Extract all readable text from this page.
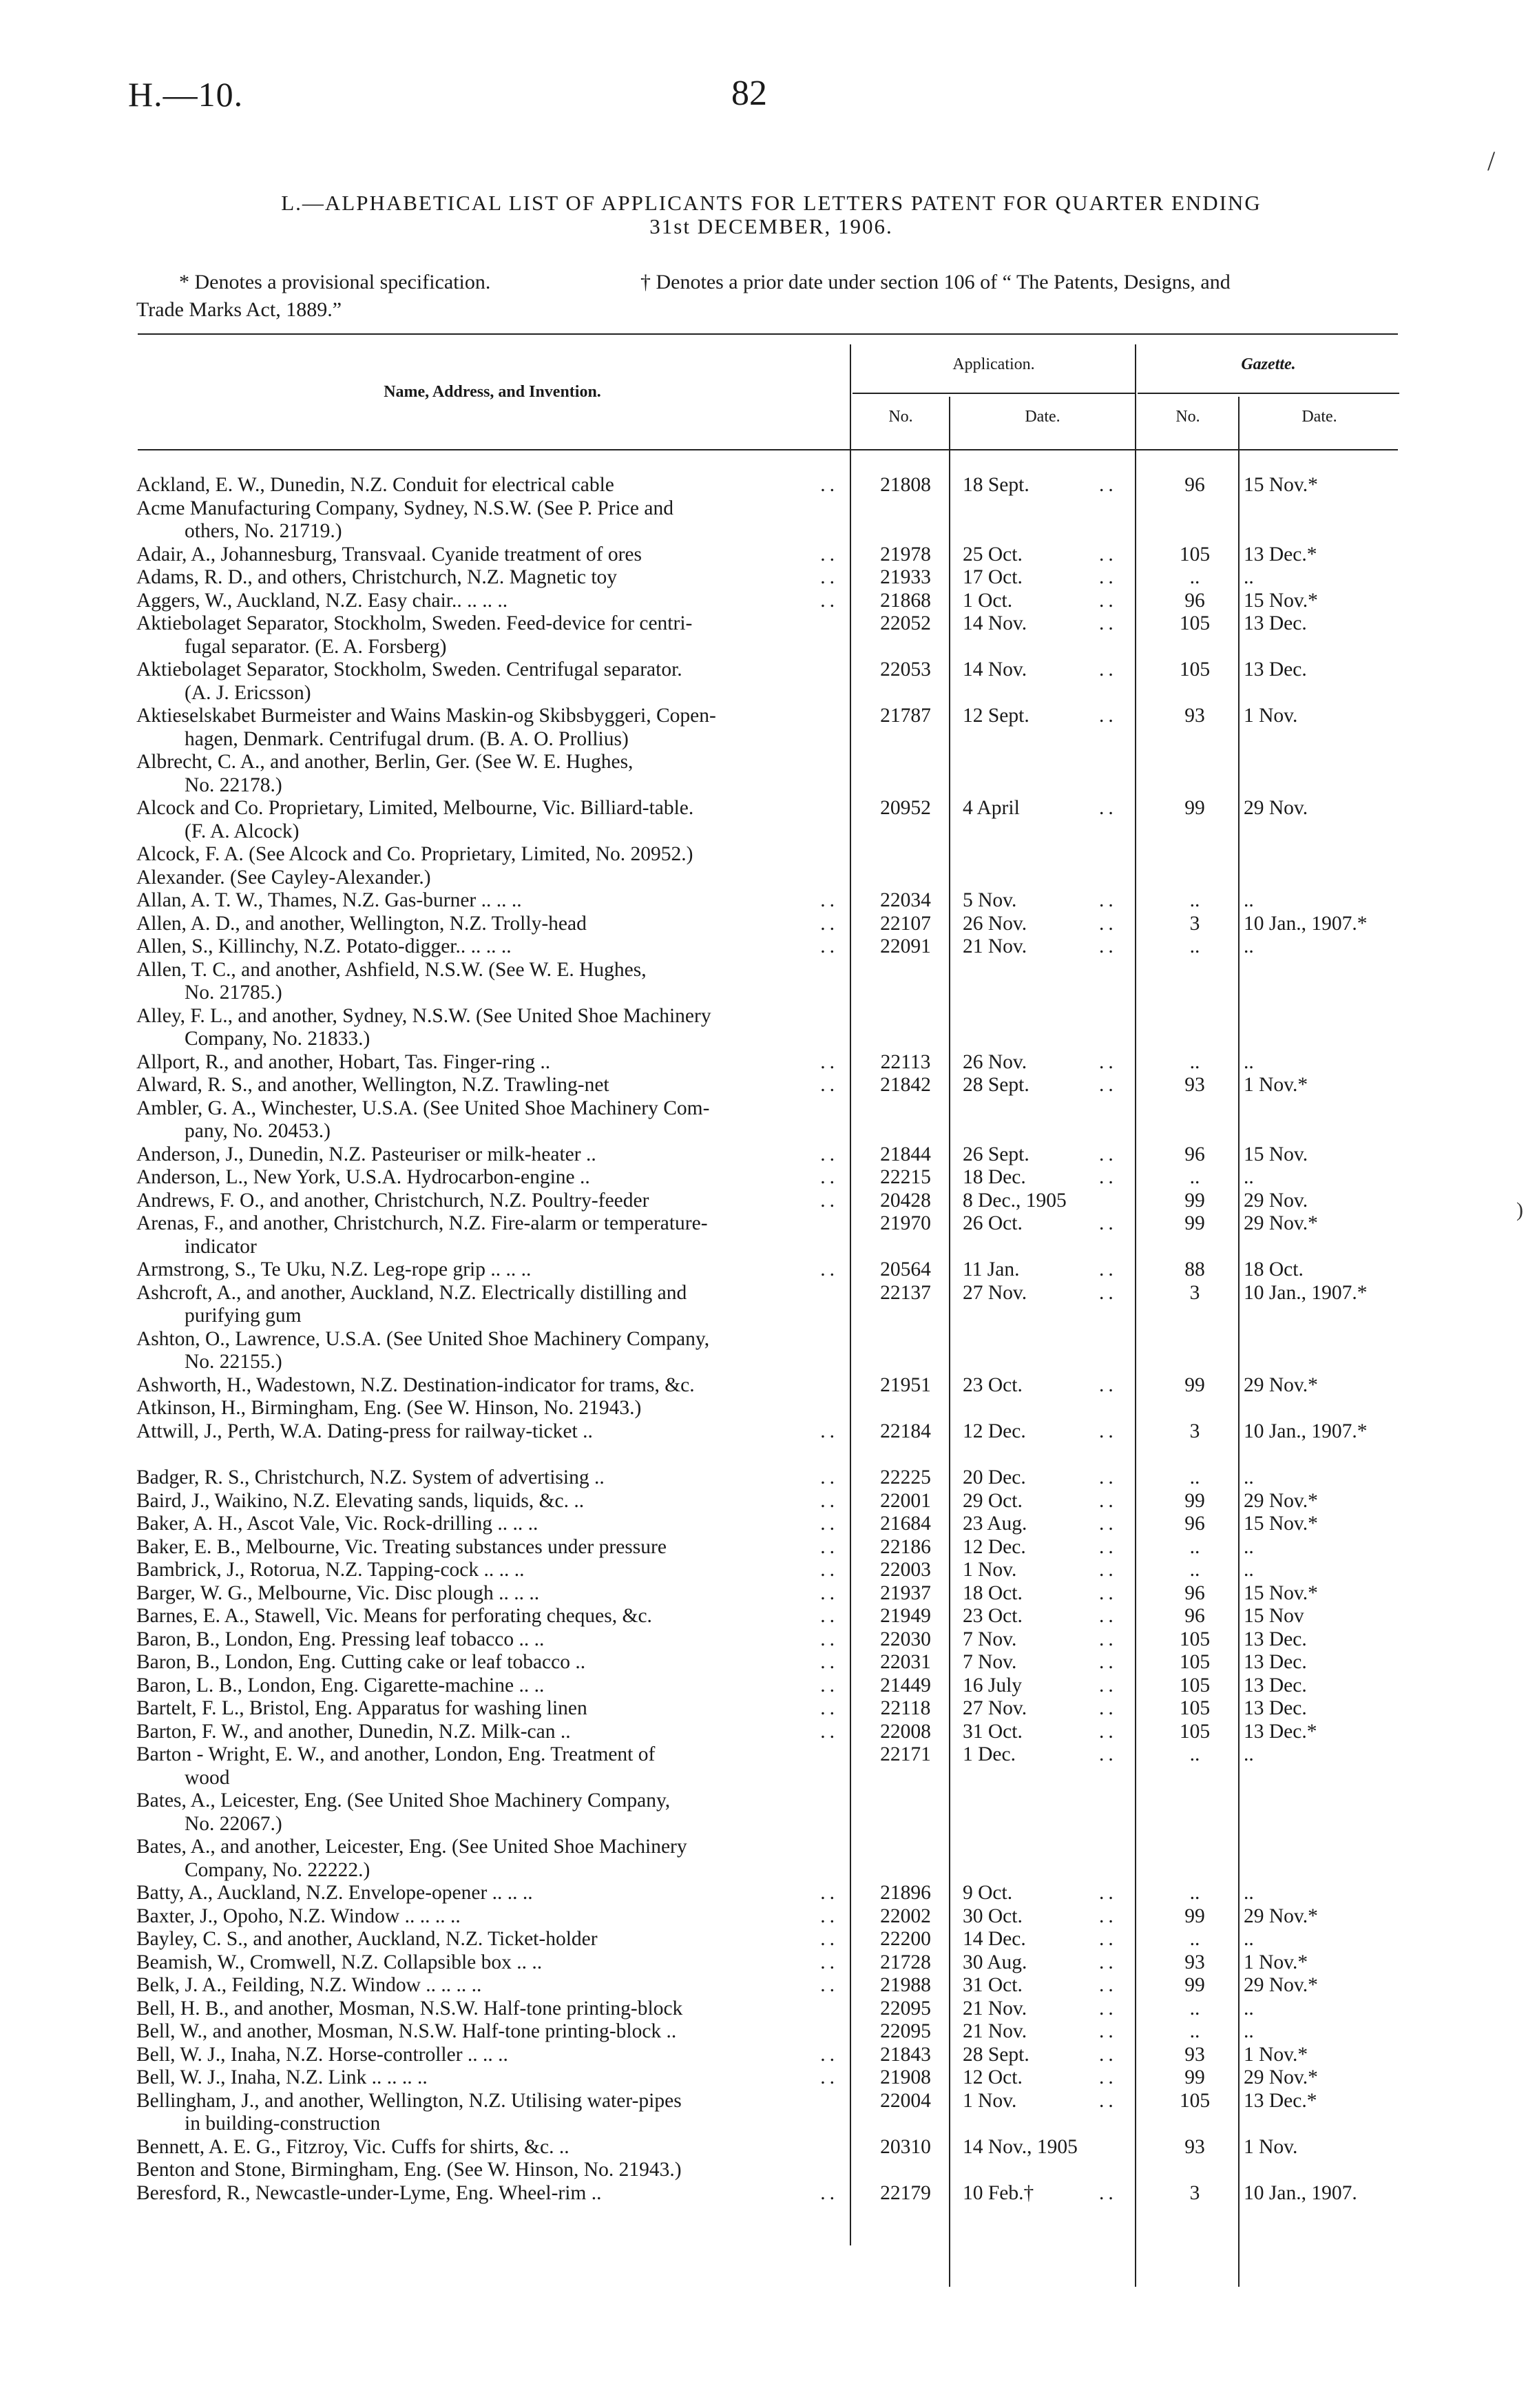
H.—10.	82
L.—ALPHABETICAL LIST OF APPLICANTS FOR LETTERS PATENT FOR QUARTER ENDING
31st DECEMBER, 1906.
* Denotes a provisional specification.	† Denotes a prior date under section 106 of “ The Patents, Designs, and
Trade Marks Act, 1889.”
Name, Address, and Invention.
Application.	Gazette.
No.	Date.	No.	Date.
..
Ackland, E. W., Dunedin, N.Z. Conduit for electrical cable	21808	18 Sept.	..	96	15 Nov.*
Acme Manufacturing Company, Sydney, N.S.W. (See P. Price and
others, No. 21719.)
..
Adair, A., Johannesburg, Transvaal. Cyanide treatment of ores	21978	25 Oct.	..	105	13 Dec.*
..
Adams, R. D., and others, Christchurch, N.Z. Magnetic toy	21933	17 Oct.	..	..	..
..
Aggers, W., Auckland, N.Z. Easy chair.. .. .. ..	21868	1 Oct.	..	96	15 Nov.*
Aktiebolaget Separator, Stockholm, Sweden. Feed-device for centri-
fugal separator. (E. A. Forsberg)
22052	14 Nov.	..	105	13 Dec.
Aktiebolaget Separator, Stockholm, Sweden. Centrifugal separator.
(A. J. Ericsson)
22053	14 Nov.	..	105	13 Dec.
Aktieselskabet Burmeister and Wains Maskin-og Skibsbyggeri, Copen-
hagen, Denmark. Centrifugal drum. (B. A. O. Prollius)
21787	12 Sept.	..	93	1 Nov.
Albrecht, C. A., and another, Berlin, Ger. (See W. E. Hughes,
No. 22178.)
Alcock and Co. Proprietary, Limited, Melbourne, Vic. Billiard-table.
(F. A. Alcock)
20952	4 April	..	99	29 Nov.
Alcock, F. A. (See Alcock and Co. Proprietary, Limited, No. 20952.)
Alexander. (See Cayley-Alexander.)
..
Allan, A. T. W., Thames, N.Z. Gas-burner .. .. ..	22034	5 Nov.	..	..	..
..
Allen, A. D., and another, Wellington, N.Z. Trolly-head	22107	26 Nov.	..	3	10 Jan., 1907.*
..
Allen, S., Killinchy, N.Z. Potato-digger.. .. .. ..	22091	21 Nov.	..	..	..
Allen, T. C., and another, Ashfield, N.S.W. (See W. E. Hughes,
No. 21785.)
Alley, F. L., and another, Sydney, N.S.W. (See United Shoe Machinery
Company, No. 21833.)
..
Allport, R., and another, Hobart, Tas. Finger-ring ..	22113	26 Nov.	..	..	..
..
Alward, R. S., and another, Wellington, N.Z. Trawling-net	21842	28 Sept.	..	93	1 Nov.*
Ambler, G. A., Winchester, U.S.A. (See United Shoe Machinery Com-
pany, No. 20453.)
..
Anderson, J., Dunedin, N.Z. Pasteuriser or milk-heater ..	21844	26 Sept.	..	96	15 Nov.
..
Anderson, L., New York, U.S.A. Hydrocarbon-engine ..	22215	18 Dec.	..	..	..
..
Andrews, F. O., and another, Christchurch, N.Z. Poultry-feeder	20428	8 Dec., 1905	99	29 Nov.
Arenas, F., and another, Christchurch, N.Z. Fire-alarm or temperature-
indicator
21970	26 Oct.	..	99	29 Nov.*
..
Armstrong, S., Te Uku, N.Z. Leg-rope grip .. .. ..	20564	11 Jan.	..	88	18 Oct.
Ashcroft, A., and another, Auckland, N.Z. Electrically distilling and
purifying gum
22137	27 Nov.	..	3	10 Jan., 1907.*
Ashton, O., Lawrence, U.S.A. (See United Shoe Machinery Company,
No. 22155.)
Ashworth, H., Wadestown, N.Z. Destination-indicator for trams, &c.	21951	23 Oct.	..	99	29 Nov.*
Atkinson, H., Birmingham, Eng. (See W. Hinson, No. 21943.)
..
Attwill, J., Perth, W.A. Dating-press for railway-ticket ..	22184	12 Dec.	..	3	10 Jan., 1907.*
..
Badger, R. S., Christchurch, N.Z. System of advertising ..	22225	20 Dec.	..	..	..
..
Baird, J., Waikino, N.Z. Elevating sands, liquids, &c. ..	22001	29 Oct.	..	99	29 Nov.*
..
Baker, A. H., Ascot Vale, Vic. Rock-drilling .. .. ..	21684	23 Aug.	..	96	15 Nov.*
..
Baker, E. B., Melbourne, Vic. Treating substances under pressure	22186	12 Dec.	..	..	..
..
Bambrick, J., Rotorua, N.Z. Tapping-cock .. .. ..	22003	1 Nov.	..	..	..
..
Barger, W. G., Melbourne, Vic. Disc plough .. .. ..	21937	18 Oct.	..	96	15 Nov.*
..
Barnes, E. A., Stawell, Vic. Means for perforating cheques, &c.	21949	23 Oct.	..	96	15 Nov
..
Baron, B., London, Eng. Pressing leaf tobacco .. ..	22030	7 Nov.	..	105	13 Dec.
..
Baron, B., London, Eng. Cutting cake or leaf tobacco ..	22031	7 Nov.	..	105	13 Dec.
..
Baron, L. B., London, Eng. Cigarette-machine .. ..	21449	16 July	..	105	13 Dec.
..
Bartelt, F. L., Bristol, Eng. Apparatus for washing linen	22118	27 Nov.	..	105	13 Dec.
..
Barton, F. W., and another, Dunedin, N.Z. Milk-can ..	22008	31 Oct.	..	105	13 Dec.*
Barton - Wright, E. W., and another, London, Eng. Treatment of
wood
22171	1 Dec.	..	..	..
Bates, A., Leicester, Eng. (See United Shoe Machinery Company,
No. 22067.)
Bates, A., and another, Leicester, Eng. (See United Shoe Machinery
Company, No. 22222.)
..
Batty, A., Auckland, N.Z. Envelope-opener .. .. ..	21896	9 Oct.	..	..	..
..
Baxter, J., Opoho, N.Z. Window .. .. .. ..	22002	30 Oct.	..	99	29 Nov.*
..
Bayley, C. S., and another, Auckland, N.Z. Ticket-holder	22200	14 Dec.	..	..	..
..
Beamish, W., Cromwell, N.Z. Collapsible box .. ..	21728	30 Aug.	..	93	1 Nov.*
..
Belk, J. A., Feilding, N.Z. Window .. .. .. ..	21988	31 Oct.	..	99	29 Nov.*
Bell, H. B., and another, Mosman, N.S.W. Half-tone printing-block	22095	21 Nov.	..	..	..
Bell, W., and another, Mosman, N.S.W. Half-tone printing-block ..	22095	21 Nov.	..	..	..
..
Bell, W. J., Inaha, N.Z. Horse-controller .. .. ..	21843	28 Sept.	..	93	1 Nov.*
..
Bell, W. J., Inaha, N.Z. Link .. .. .. ..	21908	12 Oct.	..	99	29 Nov.*
Bellingham, J., and another, Wellington, N.Z. Utilising water-pipes
in building-construction
22004	1 Nov.	..	105	13 Dec.*
Bennett, A. E. G., Fitzroy, Vic. Cuffs for shirts, &c. ..	20310	14 Nov., 1905	93	1 Nov.
Benton and Stone, Birmingham, Eng. (See W. Hinson, No. 21943.)
..
Beresford, R., Newcastle-under-Lyme, Eng. Wheel-rim ..	22179	10 Feb.†	..	3	10 Jan., 1907.
/
)
